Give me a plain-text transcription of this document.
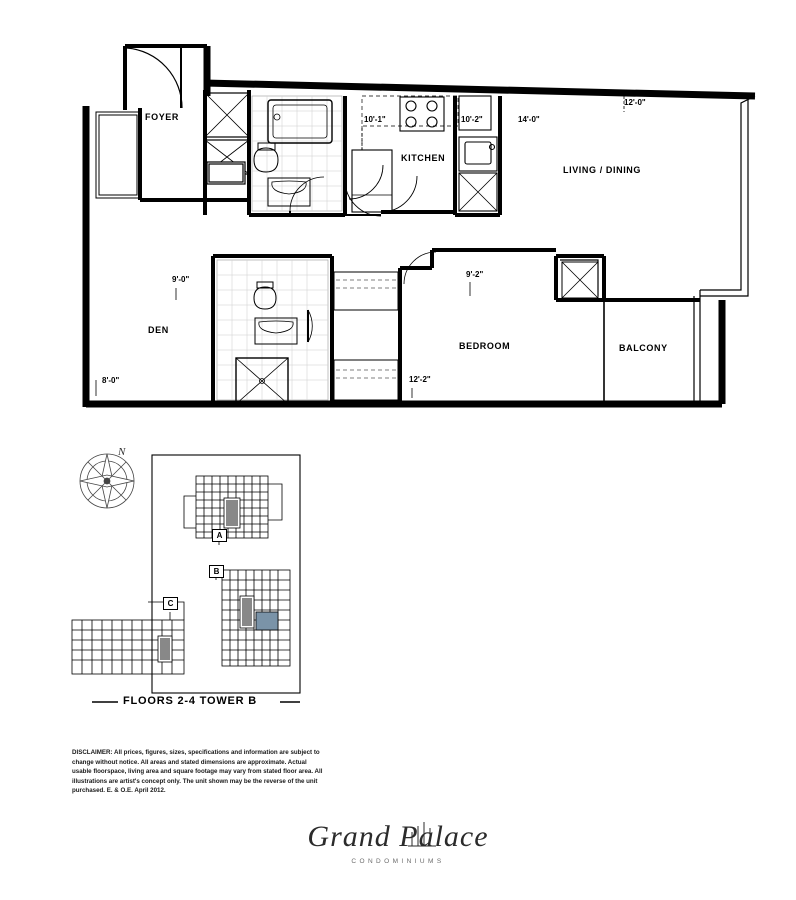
FOYER
KITCHEN
LIVING / DINING
DEN
BEDROOM	BALCONY
10'-1"	10'-2"	14'-0"
12'-0"
9'-0"
8'-0"
9'-2"
12'-2"
N
A
B
C
FLOORS 2-4 TOWER B
DISCLAIMER: All prices, figures, sizes, specifications and information are subject to change without notice. All areas and stated dimensions are approximate. Actual usable floorspace, living area and square footage may vary from stated floor area. All illustrations are artist's concept only. The unit shown may be the reverse of the unit purchased. E. & O.E. April 2012.
Grand Palace
CONDOMINIUMS
